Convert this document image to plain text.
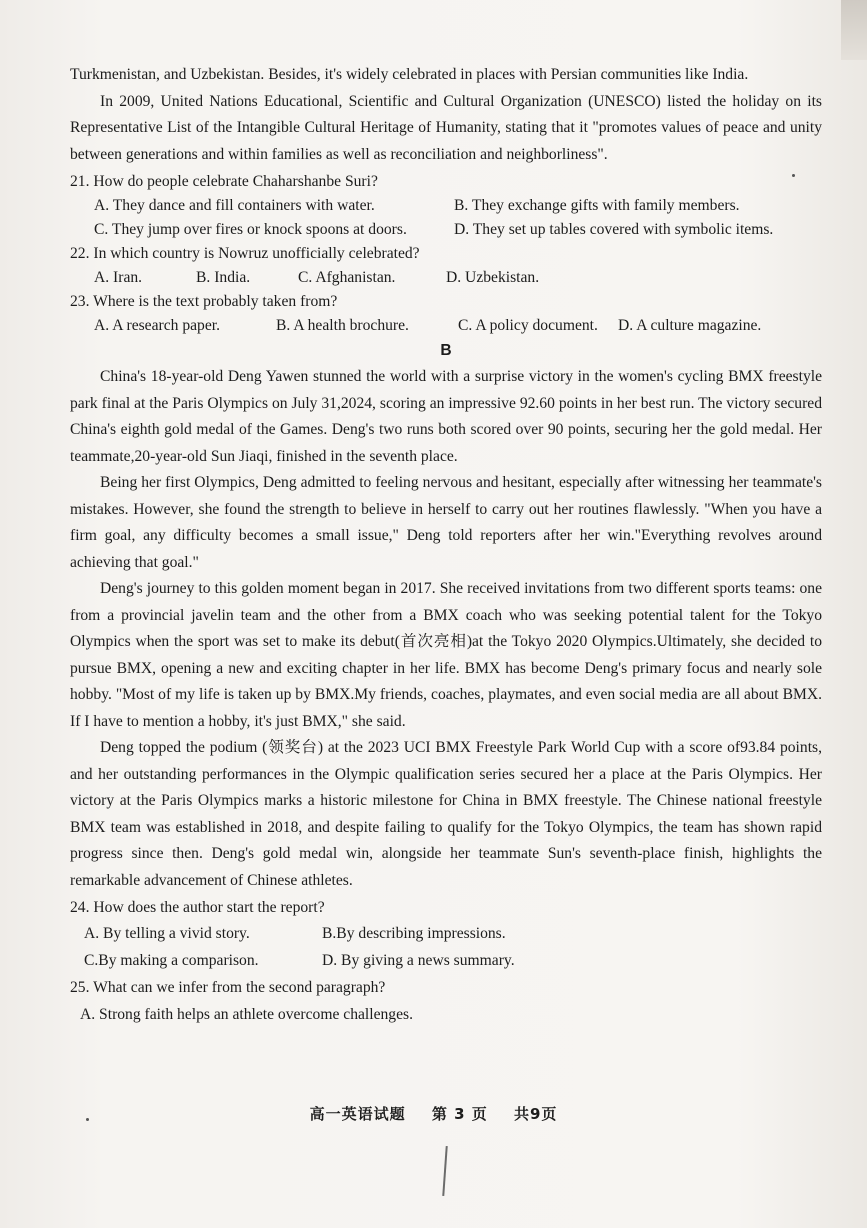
Turkmenistan, and Uzbekistan. Besides, it's widely celebrated in places with Persian communities like India.

In 2009, United Nations Educational, Scientific and Cultural Organization (UNESCO) listed the holiday on its Representative List of the Intangible Cultural Heritage of Humanity, stating that it "promotes values of peace and unity between generations and within families as well as reconciliation and neighborliness".

21. How do people celebrate Chaharshanbe Suri?
A. They dance and fill containers with water.	B. They exchange gifts with family members.
C. They jump over fires or knock spoons at doors.	D. They set up tables covered with symbolic items.
22. In which country is Nowruz unofficially celebrated?
A. Iran.	B. India.	C. Afghanistan.	D. Uzbekistan.
23. Where is the text probably taken from?
A. A research paper.	B. A health brochure.	C. A policy document.	D. A culture magazine.
B

China's 18-year-old Deng Yawen stunned the world with a surprise victory in the women's cycling BMX freestyle park final at the Paris Olympics on July 31,2024, scoring an impressive 92.60 points in her best run. The victory secured China's eighth gold medal of the Games. Deng's two runs both scored over 90 points, securing her the gold medal. Her teammate,20-year-old Sun Jiaqi, finished in the seventh place.

Being her first Olympics, Deng admitted to feeling nervous and hesitant, especially after witnessing her teammate's mistakes. However, she found the strength to believe in herself to carry out her routines flawlessly. "When you have a firm goal, any difficulty becomes a small issue," Deng told reporters after her win."Everything revolves around achieving that goal."

Deng's journey to this golden moment began in 2017. She received invitations from two different sports teams: one from a provincial javelin team and the other from a BMX coach who was seeking potential talent for the Tokyo Olympics when the sport was set to make its debut(首次亮相)at the Tokyo 2020 Olympics.Ultimately, she decided to pursue BMX, opening a new and exciting chapter in her life. BMX has become Deng's primary focus and nearly sole hobby. "Most of my life is taken up by BMX.My friends, coaches, playmates, and even social media are all about BMX. If I have to mention a hobby, it's just BMX," she said.

Deng topped the podium (领奖台) at the 2023 UCI BMX Freestyle Park World Cup with a score of93.84 points, and her outstanding performances in the Olympic qualification series secured her a place at the Paris Olympics. Her victory at the Paris Olympics marks a historic milestone for China in BMX freestyle. The Chinese national freestyle BMX team was established in 2018, and despite failing to qualify for the Tokyo Olympics, the team has shown rapid progress since then. Deng's gold medal win, alongside her teammate Sun's seventh-place finish, highlights the remarkable advancement of Chinese athletes.

24. How does the author start the report?
A. By telling a vivid story.	B.By describing impressions.
C.By making a comparison.	D. By giving a news summary.
25. What can we infer from the second paragraph?
A. Strong faith helps an athlete overcome challenges.
高一英语试题 第 3 页 共9页
